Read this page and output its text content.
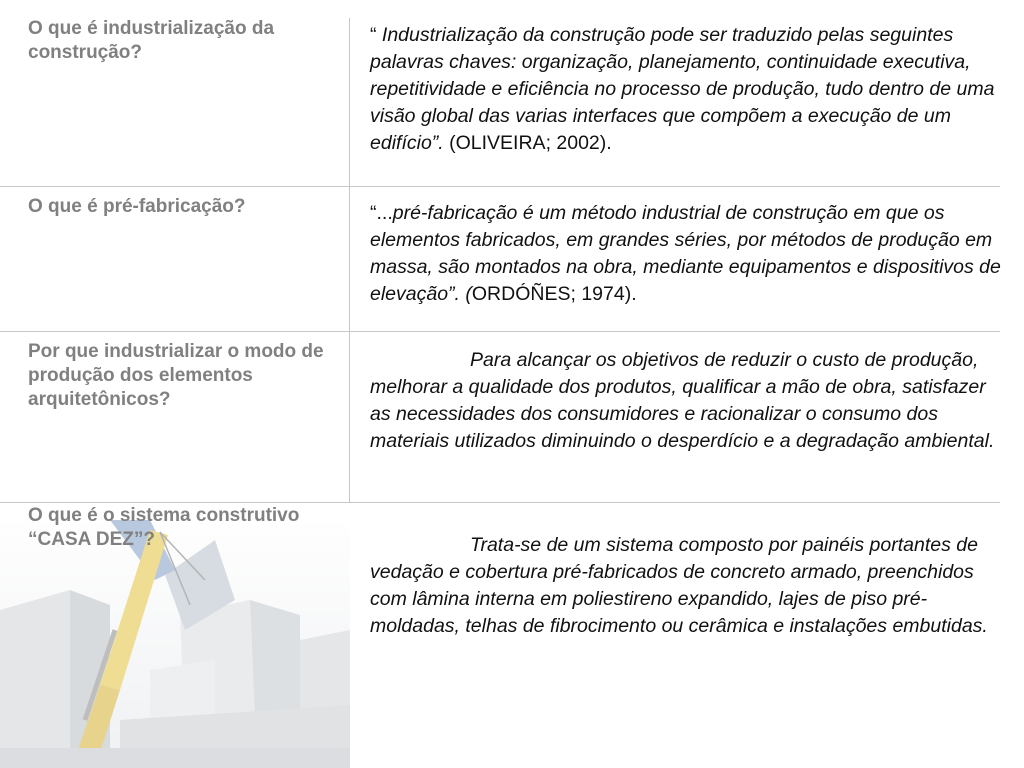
O que é industrialização da construção?
“ Industrialização da construção pode ser traduzido pelas seguintes palavras chaves: organização, planejamento, continuidade executiva, repetitividade e eficiência no processo de produção, tudo dentro de uma visão global das varias interfaces que compõem a execução de um edifício”. (OLIVEIRA; 2002).
O que é pré-fabricação?	“...pré-fabricação é um método industrial de construção em que os elementos fabricados, em grandes séries, por métodos de produção em massa, são montados na obra, mediante equipamentos e dispositivos de elevação”. (ORDÓÑES; 1974).
Por que industrializar o modo de produção dos elementos arquitetônicos?
Para alcançar os objetivos de reduzir o custo de produção, melhorar a qualidade dos produtos, qualificar a mão de obra, satisfazer as necessidades dos consumidores e racionalizar o consumo dos materiais utilizados diminuindo o desperdício e a degradação ambiental.
O que é o sistema construtivo “CASA DEZ”?	Trata-se de um sistema composto por painéis portantes de vedação e cobertura pré-fabricados de concreto armado, preenchidos com lâmina interna em poliestireno expandido, lajes de piso pré-moldadas, telhas de fibrocimento ou cerâmica e instalações embutidas.
